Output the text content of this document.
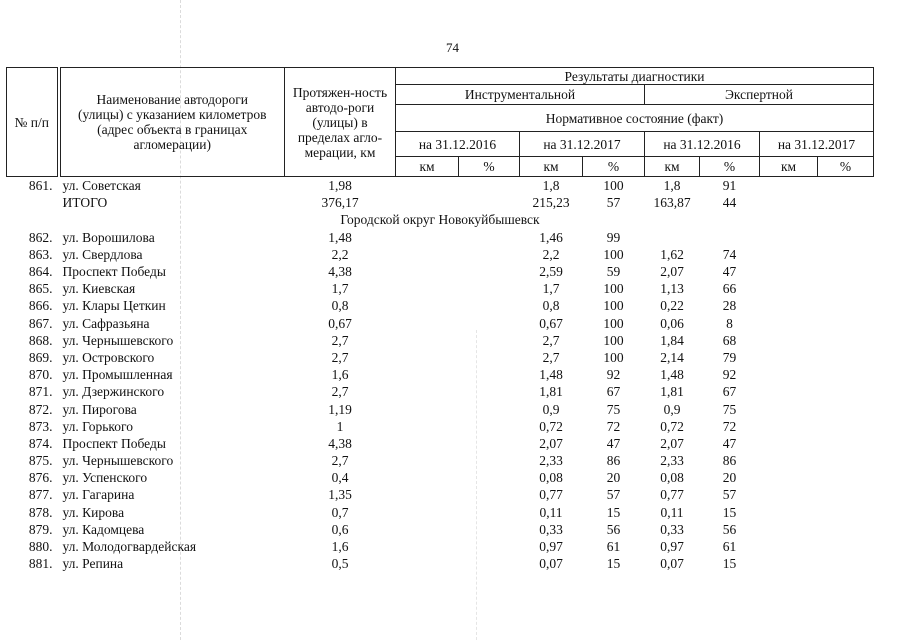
74
№ п/п	Наименование автодороги (улицы) с указанием километров (адрес объекта в границах агломерации)	Протяжен-ность автодо-роги (улицы) в пределах агло-мерации, км	Результаты диагностики							
			Инструментальной				Экспертной			
			Нормативное состояние (факт)							
			на 31.12.2016		на 31.12.2017		на 31.12.2016		на 31.12.2017	
			км	%	км	%	км	%	км	%
861.	ул. Советская	1,98			1,8	100	1,8	91		
	ИТОГО	376,17			215,23	57	163,87	44		
Городской округ Новокуйбышевск										
862.	ул. Ворошилова	1,48			1,46	99				
863.	ул. Свердлова	2,2			2,2	100	1,62	74		
864.	Проспект Победы	4,38			2,59	59	2,07	47		
865.	ул. Киевская	1,7			1,7	100	1,13	66		
866.	ул. Клары Цеткин	0,8			0,8	100	0,22	28		
867.	ул. Сафразьяна	0,67			0,67	100	0,06	8		
868.	ул. Чернышевского	2,7			2,7	100	1,84	68		
869.	ул. Островского	2,7			2,7	100	2,14	79		
870.	ул. Промышленная	1,6			1,48	92	1,48	92		
871.	ул. Дзержинского	2,7			1,81	67	1,81	67		
872.	ул. Пирогова	1,19			0,9	75	0,9	75		
873.	ул. Горького	1			0,72	72	0,72	72		
874.	Проспект Победы	4,38			2,07	47	2,07	47		
875.	ул. Чернышевского	2,7			2,33	86	2,33	86		
876.	ул. Успенского	0,4			0,08	20	0,08	20		
877.	ул. Гагарина	1,35			0,77	57	0,77	57		
878.	ул. Кирова	0,7			0,11	15	0,11	15		
879.	ул. Кадомцева	0,6			0,33	56	0,33	56		
880.	ул. Молодогвардейская	1,6			0,97	61	0,97	61		
881.	ул. Репина	0,5			0,07	15	0,07	15		
